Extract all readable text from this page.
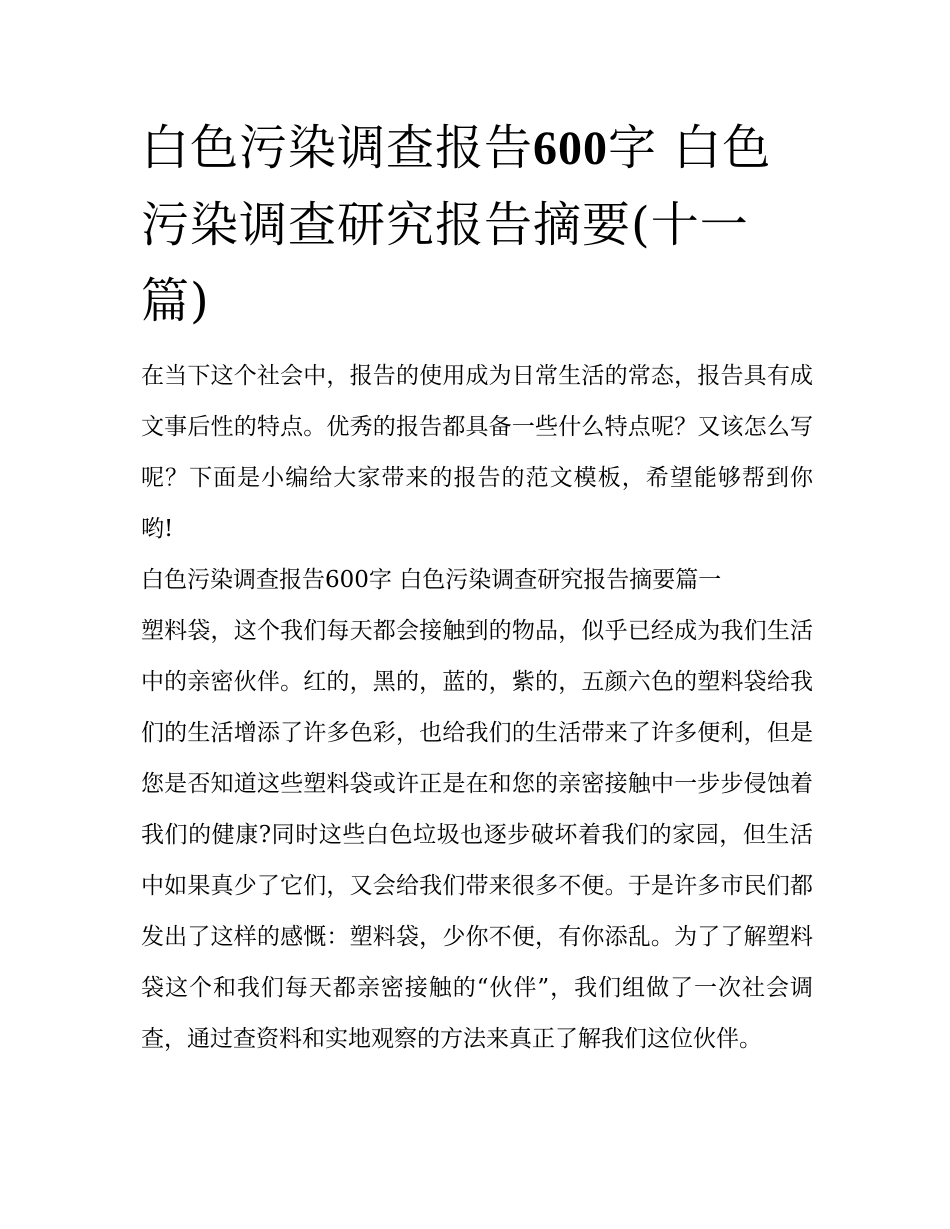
白色污染调查报告600字 白色污染调查研究报告摘要(十一篇)

在当下这个社会中，报告的使用成为日常生活的常态，报告具有成文事后性的特点。优秀的报告都具备一些什么特点呢？又该怎么写呢？下面是小编给大家带来的报告的范文模板，希望能够帮到你哟!

白色污染调查报告600字 白色污染调查研究报告摘要篇一

塑料袋，这个我们每天都会接触到的物品，似乎已经成为我们生活中的亲密伙伴。红的，黑的，蓝的，紫的，五颜六色的塑料袋给我们的生活增添了许多色彩，也给我们的生活带来了许多便利，但是您是否知道这些塑料袋或许正是在和您的亲密接触中一步步侵蚀着我们的健康?同时这些白色垃圾也逐步破坏着我们的家园，但生活中如果真少了它们，又会给我们带来很多不便。于是许多市民们都发出了这样的感慨：塑料袋，少你不便，有你添乱。为了了解塑料袋这个和我们每天都亲密接触的“伙伴”，我们组做了一次社会调查，通过查资料和实地观察的方法来真正了解我们这位伙伴。
